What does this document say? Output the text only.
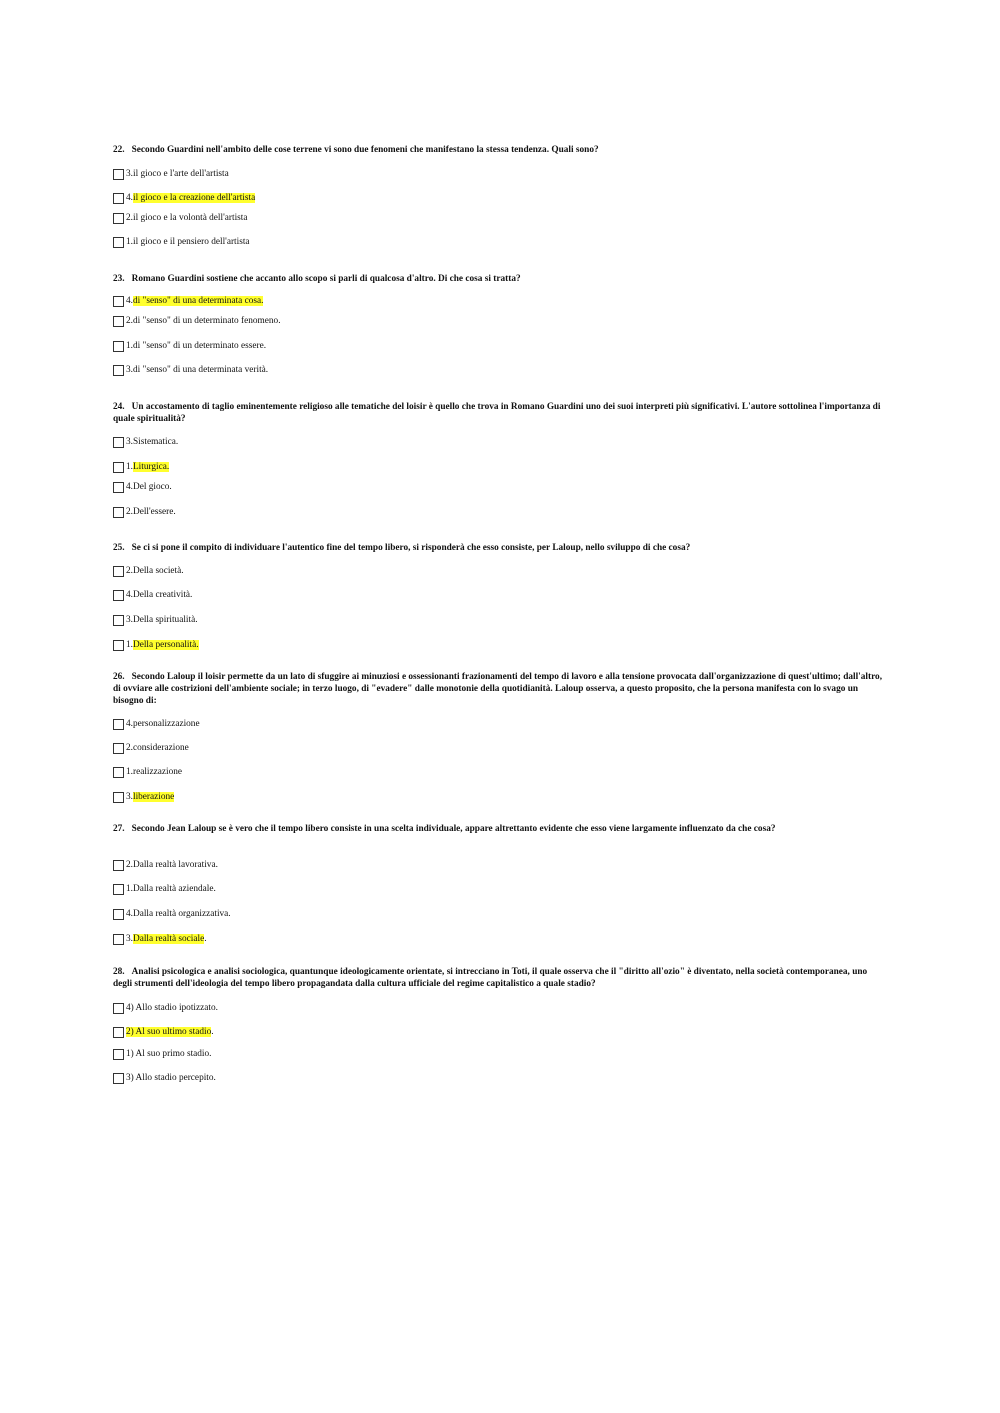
22. Secondo Guardini nell'ambito delle cose terrene vi sono due fenomeni che manifestano la stessa tendenza. Quali sono?

3. il gioco e l'arte dell'artista
4. il gioco e la creazione dell'artista
2. il gioco e la volontà dell'artista
1. il gioco e il pensiero dell'artista

23. Romano Guardini sostiene che accanto allo scopo si parli di qualcosa d'altro. Di che cosa si tratta?

4. di "senso" di una determinata cosa.
2. di "senso" di un determinato fenomeno.
1. di "senso" di un determinato essere.
3. di "senso" di una determinata verità.

24. Un accostamento di taglio eminentemente religioso alle tematiche del loisir è quello che trova in Romano Guardini uno dei suoi interpreti più significativi. L'autore sottolinea l'importanza di quale spiritualità?

3. Sistematica.
1. Liturgica.
4. Del gioco.
2. Dell'essere.

25. Se ci si pone il compito di individuare l'autentico fine del tempo libero, si risponderà che esso consiste, per Laloup, nello sviluppo di che cosa?

2. Della società.
4. Della creatività.
3. Della spiritualità.
1. Della personalità.

26. Secondo Laloup il loisir permette da un lato di sfuggire ai minuziosi e ossessionanti frazionamenti del tempo di lavoro e alla tensione provocata dall'organizzazione di quest'ultimo; dall'altro, di ovviare alle costrizioni dell'ambiente sociale; in terzo luogo, di "evadere" dalle monotonie della quotidianità. Laloup osserva, a questo proposito, che la persona manifesta con lo svago un bisogno di:

4. personalizzazione
2. considerazione
1. realizzazione
3. liberazione

27. Secondo Jean Laloup se è vero che il tempo libero consiste in una scelta individuale, appare altrettanto evidente che esso viene largamente influenzato da che cosa?

2. Dalla realtà lavorativa.
1. Dalla realtà aziendale.
4. Dalla realtà organizzativa.
3. Dalla realtà sociale .

28. Analisi psicologica e analisi sociologica, quantunque ideologicamente orientate, si intrecciano in Toti, il quale osserva che il "diritto all'ozio" è diventato, nella società contemporanea, uno degli strumenti dell'ideologia del tempo libero propagandata dalla cultura ufficiale del regime capitalistico a quale stadio?

4) Allo stadio ipotizzato.
2) Al suo ultimo stadio .
1) Al suo primo stadio.
3) Allo stadio percepito.
